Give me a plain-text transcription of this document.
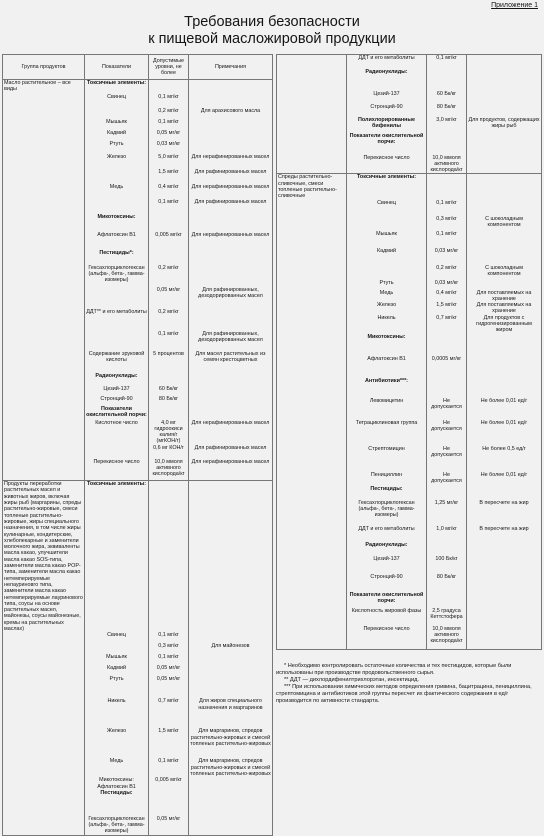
Приложение 1
Требования безопасности
к пищевой масложировой продукции
Группа продуктов	Показатели	Допустимые уровни, не более	Примечания
Масло растительное – все виды	Токсичные элементы:		
	Свинец	0,1 мг/кг	
		0,2 мг/кг	Для арахисового масла
	Мышьяк	0,1 мг/кг	
	Кадмий	0,05 мг/кг	
	Ртуть	0,03 мг/кг	
	Железо	5,0 мг/кг	Для нерафинированных масел
		1,5 мг/кг	Для рафинированных масел
	Медь	0,4 мг/кг	Для нерафинированных масел
		0,1 мг/кг	Для рафинированных масел
	Микотоксины:		
	Афлатоксин В1	0,005 мг/кг	Для нерафинированных масел
	Пестициды*:		
	Гексахлорциклогексан (альфа-, бета-, гамма-изомеры)	0,2 мг/кг	
		0,05 мг/кг	Для рафинированных, дезодорированных масел
	ДДТ** и его метаболиты	0,2 мг/кг	
		0,1 мг/кг	Для рафинированных, дезодорированных масел
	Содержание эруковой кислоты	5 процентов	Для масел растительных из семян крестоцветных
	Радионуклиды:		
	Цезий-137	60 Бк/кг	
	Стронций-90	80 Бк/кг	
	Показатели окислительной порчи:		
	Кислотное число	4,0 мг гидроокиси калия/г (мгКОН/г)	Для нерафинированных масел
		0,6 мг КОН/г	Для рафинированных масел
	Перекисное число	10,0 ммоля активного кислорода/кг	Для нерафинированных масел
Продукты переработки растительных масел и животных жиров, включая жиры рыб (маргарины, спреды растительно-жировые, смеси топленые растительно-жировые, жиры специального назначения, в том числе жиры кулинарные, кондитерские, хлебопекарные и заменители молочного жира, эквиваленты масла какао, улучшители масла какао SOS-типа, заменители масла какао POP-типа, заменители масла какао нетемперируемые нелауриновго типа, заменители масла какао нетемперируемые лауринового типа, соусы на основе растительных масел, майонезы, соусы майонезные, кремы на растительных маслах)	Токсичные элементы:		
	Свинец	0,1 мг/кг	
		0,3 мг/кг	Для майонезов
	Мышьяк	0,1 мг/кг	
	Кадмий	0,05 мг/кг	
	Ртуть	0,05 мг/кг	
	Никель	0,7 мг/кг	Для жиров специального назначения и маргаринов
	Железо	1,5 мг/кг	Для маргаринов, спредов растительно-жировых и смесей топленых растительно-жировых
	Медь	0,1 мг/кг	Для маргаринов, спредов растительно-жировых и смесей топленых растительно-жировых
	Микотоксины: Афлатоксин В1	0,005 мг/кг	
	Пестициды:		
	Гексахлорциклогексан (альфа-, бета-, гамма-изомеры)	0,05 мг/кг	
	ДДТ и его метаболиты	0,1 мг/кг	
	Радионуклиды:		
	Цезий-137	60 Бк/кг	
	Стронций-90	80 Бк/кг	
	Полихлорированные бифенилы	3,0 мг/кг	Для продуктов, содержащих жиры рыб
	Показатели окислительной порчи:		
	Перекисное число	10,0 ммоля активного кислорода/кг	
Спреды растительно-сливочные, смеси топленые растительно-сливочные	Токсичные элементы:		
	Свинец	0,1 мг/кг	
		0,3 мг/кг	С шоколадным компонентом
	Мышьяк	0,1 мг/кг	
	Кадмий	0,03 мг/кг	
		0,2 мг/кг	С шоколадным компонентом
	Ртуть	0,03 мг/кг	
	Медь	0,4 мг/кг	Для поставляемых на хранение
	Железо	1,5 мг/кг	Для поставляемых на хранение
	Никель	0,7 мг/кг	Для продуктов с гидрогенизированным жиром
	Микотоксины:		
	Афлатоксин В1	0,0005 мг/кг	
	Антибиотики***:		
	Левомицетин	Не допускается	Не более 0,01 ед/г
	Тетрациклиновая группа	Не допускается	Не более 0,01 ед/г
	Стрептомицин	Не допускается	Не более 0,5 ед/г
	Пенициллин	Не допускается	Не более 0,01 ед/г
	Пестициды:		
	Гексахлорциклогексан (альфа-, бета-, гамма-изомеры)	1,25 мг/кг	В пересчете на жир
	ДДТ и его метаболиты	1,0 мг/кг	В пересчете на жир
	Радионуклиды:		
	Цезий-137	100 Бк/кг	
	Стронций-90	80 Бк/кг	
	Показатели окислительной порчи:		
	Кислотность жировой фазы	2,5 градуса Кеттстофера	
	Перекисное число	10,0 ммоля активного кислорода/кг	
* Необходимо контролировать остаточные количества и тех пестицидов, которые были использованы при производстве продовольственного сырья.
** ДДТ — дихлордифенилтрихлорэтан, инсектицид.
*** При использовании химических методов определения гривина, бацитрацина, пенициллина, стрептомицина и антибиотиков этой группы пересчет их фактического содержания в ед/г производится по активности стандарта.
